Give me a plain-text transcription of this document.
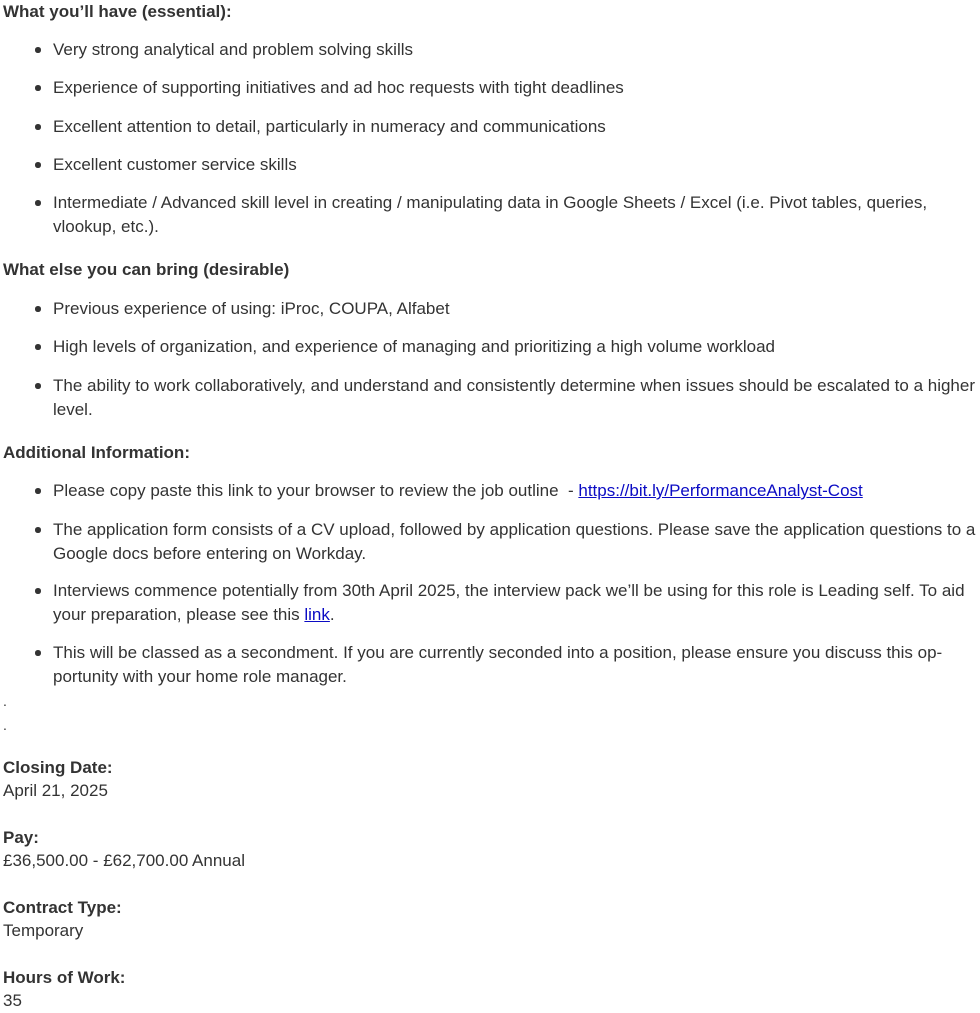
What you’ll have (essential):

Very strong analytical and problem solving skills
Experience of supporting initiatives and ad hoc requests with tight deadlines
Excellent attention to detail, particularly in numeracy and communications
Excellent customer service skills
Intermediate / Advanced skill level in creating / manipulating data in Google Sheets / Excel (i.e. Pivot tables, queries, vlookup, etc.).

What else you can bring (desirable)

Previous experience of using: iProc, COUPA, Alfabet
High levels of organization, and experience of managing and prioritizing a high volume workload
The ability to work collaboratively, and understand and consistently determine when issues should be escalated to a higher level.

Additional Information:

Please copy paste this link to your browser to review the job outline  - https://bit.ly/PerformanceAnalyst-Cost
The application form consists of a CV upload, followed by application questions. Please save the application questions to a Google docs before entering on Workday.
Interviews commence potentially from 30th April 2025, the interview pack we’ll be using for this role is Leading self. To aid your preparation, please see this link.
This will be classed as a secondment. If you are currently seconded into a position, please ensure you discuss this opportunity with your home role manager.
.
.
Closing Date:
April 21, 2025
Pay:
£36,500.00 - £62,700.00 Annual
Contract Type:
Temporary
Hours of Work:
35
